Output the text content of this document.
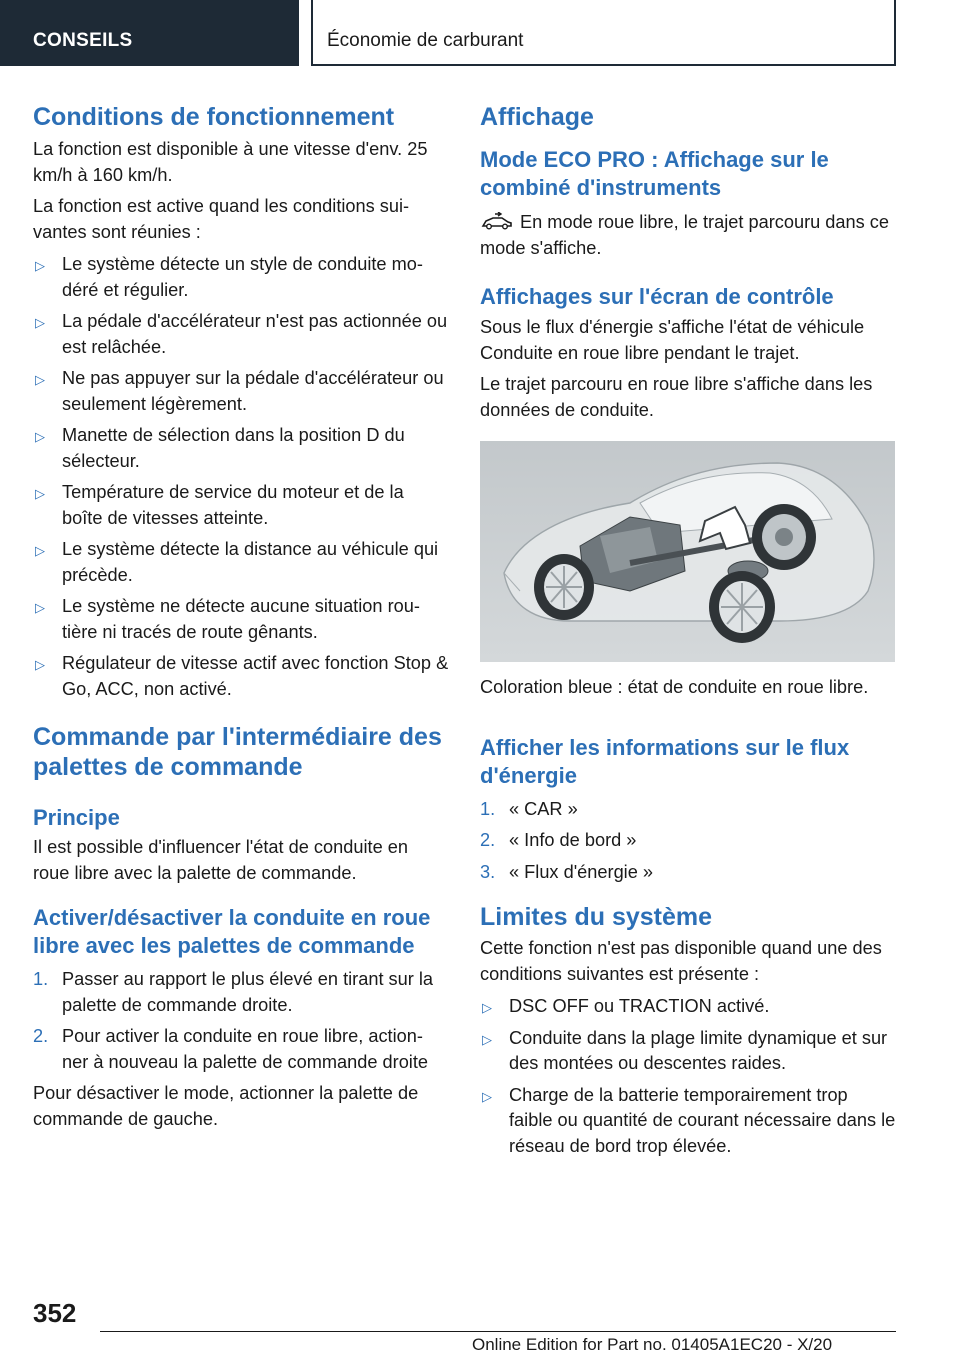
CONSEILS	Économie de carburant
Conditions de fonctionnement
La fonction est disponible à une vitesse d'env. 25 km/h à 160 km/h.
La fonction est active quand les conditions sui-vantes sont réunies :
▷ Le système détecte un style de conduite mo-déré et régulier.
▷ La pédale d'accélérateur n'est pas actionnée ou est relâchée.
▷ Ne pas appuyer sur la pédale d'accélérateur ou seulement légèrement.
▷ Manette de sélection dans la position D du sélecteur.
▷ Température de service du moteur et de la boîte de vitesses atteinte.
▷ Le système détecte la distance au véhicule qui précède.
▷ Le système ne détecte aucune situation rou-tière ni tracés de route gênants.
▷ Régulateur de vitesse actif avec fonction Stop & Go, ACC, non activé.
Commande par l'intermédiaire des palettes de commande
Principe
Il est possible d'influencer l'état de conduite en roue libre avec la palette de commande.
Activer/désactiver la conduite en roue libre avec les palettes de commande
1. Passer au rapport le plus élevé en tirant sur la palette de commande droite.
2. Pour activer la conduite en roue libre, action-ner à nouveau la palette de commande droite
Pour désactiver le mode, actionner la palette de commande de gauche.
Affichage
Mode ECO PRO : Affichage sur le combiné d'instruments
En mode roue libre, le trajet parcouru dans ce mode s'affiche.
Affichages sur l'écran de contrôle
Sous le flux d'énergie s'affiche l'état de véhicule Conduite en roue libre pendant le trajet.
Le trajet parcouru en roue libre s'affiche dans les données de conduite.
Coloration bleue : état de conduite en roue libre.
Afficher les informations sur le flux d'énergie
1. « CAR »
2. « Info de bord »
3. « Flux d'énergie »
Limites du système
Cette fonction n'est pas disponible quand une des conditions suivantes est présente :
▷ DSC OFF ou TRACTION activé.
▷ Conduite dans la plage limite dynamique et sur des montées ou descentes raides.
▷ Charge de la batterie temporairement trop faible ou quantité de courant nécessaire dans le réseau de bord trop élevée.
352
Online Edition for Part no. 01405A1EC20 - X/20
